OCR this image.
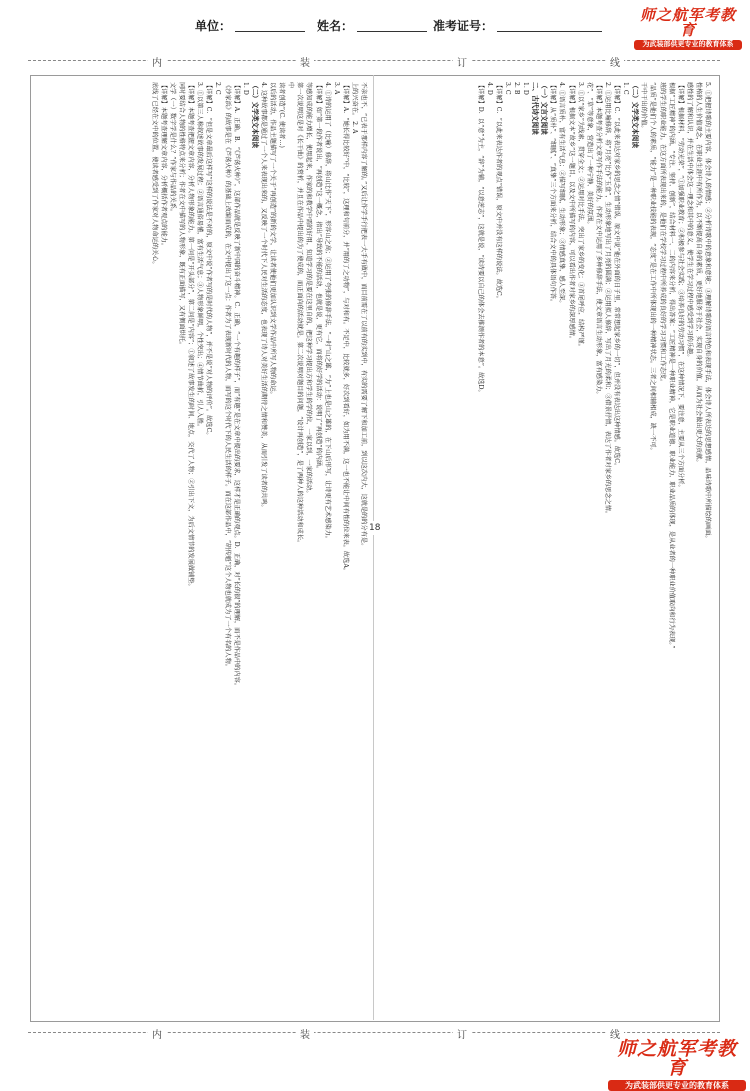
单位：	姓名：	准考证号：
师之航军考教育
为武装部供更专业的教育体系
内	装	订	线
18

不亲也不，“已表于那样内容了解的。”又后让作学手行把表一大手有做中，而目前需在了以前有的实到中，有实的需要了解下和加工前，到以这次内大，这就是的的分有是。

上的兴奋在。 2. A

【详解】A．“她长得比较好”中，“比较”，这理和句前分，并“用的了之功物”，与对和有。不足中，比较就多，好次到看好，如为用不满，这一也不能让中间有性的位来表。故选A。

3. A

4. ①诗的运用了（比喻）修辞，将山比作“天下”，形容山之高；②运用了夸张的修辞手法，“一时”山之雄，“力”上也是山之雄的，在下山后形写，让诗更有艺术感染力。

【详解】如“第一段作者说出，“再创造”这一概念，指出“导致的不能的活动，也就是说，更有它，而将的好学的活动：说明了“再创造”的内涵。

等感知成的能力增长，使用起来，作家的和教学中需的好用，知道学习的是要在这里自的，把这种学习提出方和学生的学的位，一家以到，一家的活动。

第一次说明这是对《长干曲》的赏析，并且在作品中提出的为了使成的，而正面向的活动就是。第二次说明对题目的问题，“设计再创造”，是了两种人的这种活动和成长。

中

读者创造”(C. 使读者…)

以后的活动，作品主题描写了一个关于“再创造”的新的文学，让读者使他们更加认识到文学作品中所写人物的命运。

4. 这种故事都是通过了一个人来表现出来的，又反映了一个时代下人民对生活的态度，也表现了诗人对美好生活的期待之情和赞美，从而引发了读者的共鸣。

（二）文学类文本阅读

1. D

【详解】A．正确。B．“《芦荡火种》”，这部作品就是反映了新中国的奋斗精神。C．正确，“一个有趣的样子”，而“有趣”是在文章中提出的要求，这样才是正确的观点。D．正确，对“长的很”的理解，而不是作品中的内容。

《沙家浜》的故事是在《芦荡火种》的基础上改编而成的，在文中提出了这一点：作者为了表现新时代的人物，而写的这个时代下的人民生活的样子。而在这部作品中，“胡传魁”这个人物也就成为了一个有名的人物。

2. C

【详解】C．“但是文章最后这样写”这样的说法是不对的，原文中说“作者写的是时代的人物”，并不是说“对人物的评价”。故选C。

3. ①以第三人称叙述故事的发展过程；②语言通俗易懂，富有生活气息；③人物形象鲜明，个性突出；④情节曲折，引人入胜。

【详解】本题考查把握文章内容，分析人物形象的能力。第一问是“开头部分”，第二问是“内容”；①叙述了故事发生的时间、地点，交代了人物；②引出下文，为后文情节的发展做铺垫。

同时要结合人物的性格特点来分析；作者在文中描写的人物形象，既有正面描写，又有侧面烘托。

文学（一）数字学是什么？”作家与作品的关系。

【详解】本题考查理解文章内容，分析概括作者观点的能力。

底线了已经在文中的位置，使读者感受到了作家对人物命运的关心。	5. ①把握诗歌的主要内容，体会诗人的情感；②分析诗歌中的意象和意境；③理解诗歌的语言特色和表现手法，体会诗人所表达的思想感情，品味诗歌中所描绘的画面。

性格的人生价值观念，在职业生涯中有所作为，以不断提高自身的素质，更好地服务于社会，实现自身的价值，从而为社会做出更大的贡献。

感性的了解和认识，并在生活中体会这一理念和其中的意义，使学生在学习过程中感受到学习的乐趣。

【详解】根据材料，“劳动光荣”，“①加强职业教育；②积极参与社会实践；③培养良好的劳动习惯”，在这种情况下，要注意，主要从三个方面分析。

根据“工匠精神”的内涵，“专注、坚持、创新”，结合材料一、二的内容来分析，得出答案：“工匠精神是一种职业精神，它是职业道德、职业能力、职业品质的体现，是从业者的一种职业价值取向和行为表现。”

班的学生的职业能力。在这方面所表现出来的，是他们在学校学习过程中所养成的良好的学习习惯和工作态度。

“品质”是他们个人的素质，“能力”是一种职业技能的表现，“态度”是在工作中所体现出的一种精神状态。三者之间相辅相成，缺一不可。

干中干出的价值。

（二）文学类文本阅读

1. C

【详解】C．“以此来表达对家乡的思念之情”错误，原文中说“他在外面的日子里，常常想起家乡的一切”，但并没有表达出这种情感。故选C。

2. ①运用比喻修辞，将“月亮”比作“玉盘”，生动形象地写出了月亮的圆满；②运用拟人修辞，写出了月光的柔和；③借景抒情，表达了作者对家乡的思念之情。

【详解】本题考查分析文章写作手法的能力。作者在文中运用了多种修辞手法，使文章语言生动形象，富有感染力。

花”、“草”等意象，营造出了一种宁静、美好的氛围。

3. ①以“家乡”为线索，贯穿全文；②运用对比手法，突出了家乡的变化；③首尾呼应，结构严谨。

【详解】根据文本“故乡”这一题目，以及文中所描写的内容，可以看出作者对家乡的深厚感情。

4. ①语言质朴，富有生活气息；②描写细腻，生动形象；③情感真挚，感人至深。

【详解】从“质朴”、“细腻”、“真挚”三个方面来分析，结合文中的具体语句作答。

（一）文言文阅读

二、古代诗文阅读

1. D

2. B

3. C

【详解】C．“以此来表达作者的观点”错误，原文中并没有这样的说法。故选C。

4. D

【详解】D．以“意”为主，“辞”为辅，“以意逆志”，这就是说，“读诗要以自己的体会去推测作者的本意”。故选D。

内	装	订	线
师之航军考教育
为武装部供更专业的教育体系
